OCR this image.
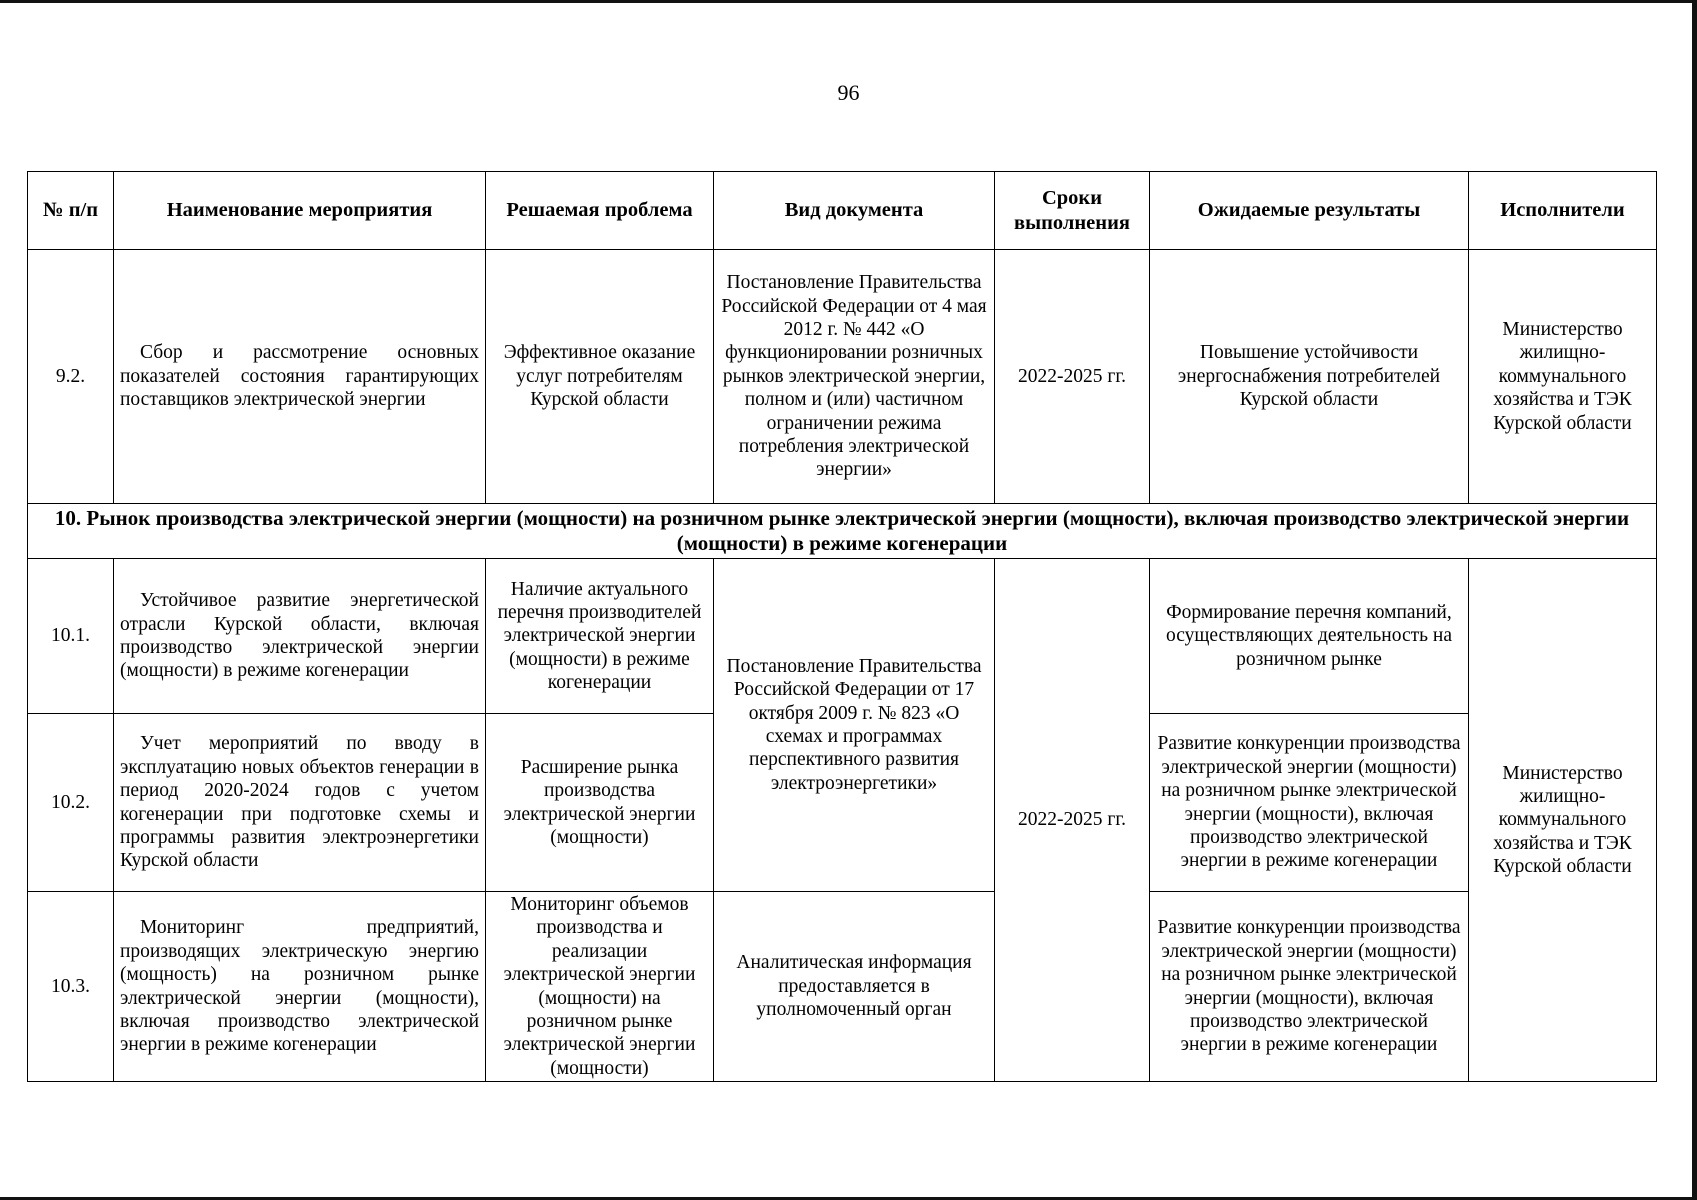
96
№ п/п	Наименование мероприятия	Решаемая проблема	Вид документа	Сроки выполнения	Ожидаемые результаты	Исполнители
9.2.	Сбор и рассмотрение основных показателей состояния гарантирующих поставщиков электрической энергии	Эффективное оказание услуг потребителям Курской области	Постановление Правительства Российской Федерации от 4 мая 2012 г. № 442 «О функционировании розничных рынков электрической энергии, полном и (или) частичном ограничении режима потребления электрической энергии»	2022-2025 гг.	Повышение устойчивости энергоснабжения потребителей Курской области	Министерство жилищно-коммунального хозяйства и ТЭК Курской области
10. Рынок производства электрической энергии (мощности) на розничном рынке электрической энергии (мощности), включая производство электрической энергии (мощности) в режиме когенерации						
10.1.	Устойчивое развитие энергетической отрасли Курской области, включая производство электрической энергии (мощности) в режиме когенерации	Наличие актуального перечня производителей электрической энергии (мощности) в режиме когенерации	Постановление Правительства Российской Федерации от 17 октября 2009 г. № 823 «О схемах и программах перспективного развития электроэнергетики»	2022-2025 гг.	Формирование перечня компаний, осуществляющих деятельность на розничном рынке	Министерство жилищно-коммунального хозяйства и ТЭК Курской области
10.2.	Учет мероприятий по вводу в эксплуатацию новых объектов генерации в период 2020-2024 годов с учетом когенерации при подготовке схемы и программы развития электроэнергетики Курской области	Расширение рынка производства электрической энергии (мощности)			Развитие конкуренции производства электрической энергии (мощности) на розничном рынке электрической энергии (мощности), включая производство электрической энергии в режиме когенерации	
10.3.	Мониторинг предприятий, производящих электрическую энергию (мощность) на розничном рынке электрической энергии (мощности), включая производство электрической энергии в режиме когенерации	Мониторинг объемов производства и реализации электрической энергии (мощности) на розничном рынке электрической энергии (мощности)	Аналитическая информация предоставляется в уполномоченный орган		Развитие конкуренции производства электрической энергии (мощности) на розничном рынке электрической энергии (мощности), включая производство электрической энергии в режиме когенерации	
